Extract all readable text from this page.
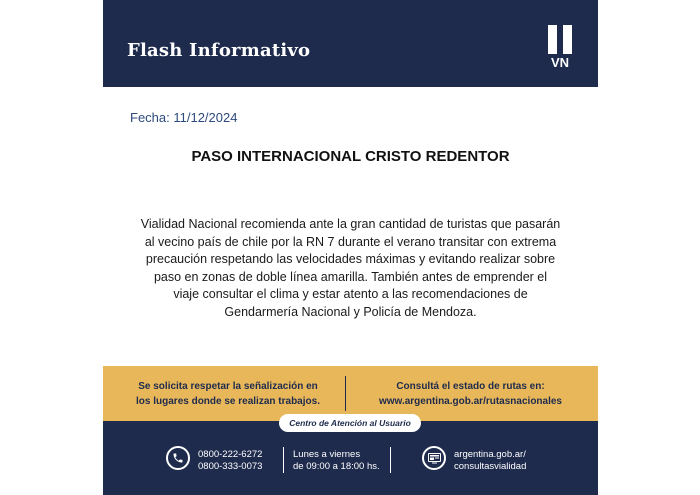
Flash Informativo
VN
Fecha: 11/12/2024
PASO INTERNACIONAL CRISTO REDENTOR
Vialidad Nacional recomienda ante la gran cantidad de turistas que pasarán
al vecino país de chile por la RN 7 durante el verano transitar con extrema
precaución respetando las velocidades máximas y evitando realizar sobre
paso en zonas de doble línea amarilla. También antes de emprender el
viaje consultar el clima y estar atento a las recomendaciones de
Gendarmería Nacional y Policía de Mendoza.
Se solicita respetar la señalización en
los lugares donde se realizan trabajos.
Consultá el estado de rutas en:
www.argentina.gob.ar/rutasnacionales
Centro de Atención al Usuario
0800-222-6272
0800-333-0073
Lunes a viernes
de 09:00 a 18:00 hs.
argentina.gob.ar/
consultasvialidad
